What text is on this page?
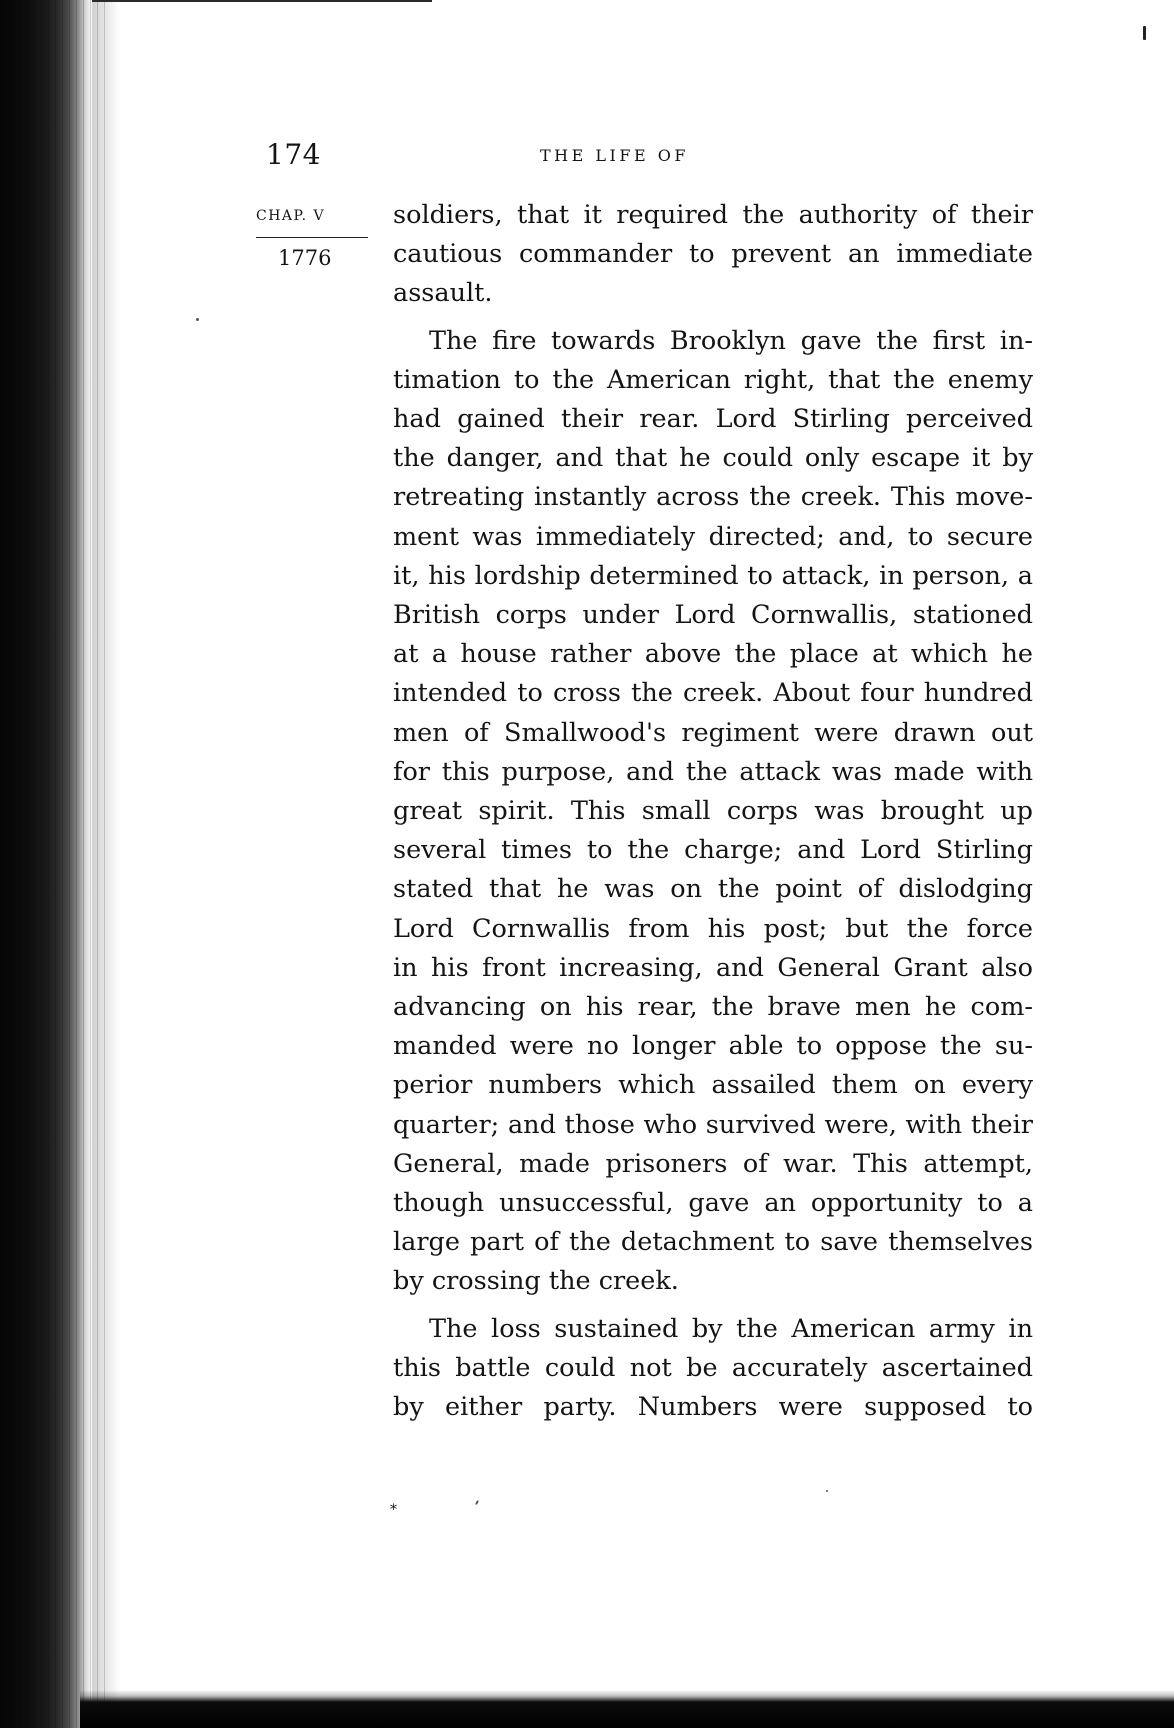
174	THE LIFE OF
CHAP. V
1776
soldiers, that it required the authority of their
cautious commander to prevent an immediate
assault.
The fire towards Brooklyn gave the first in-
timation to the American right, that the enemy
had gained their rear. Lord Stirling perceived
the danger, and that he could only escape it by
retreating instantly across the creek. This move-
ment was immediately directed; and, to secure
it, his lordship determined to attack, in person, a
British corps under Lord Cornwallis, stationed
at a house rather above the place at which he
intended to cross the creek. About four hundred
men of Smallwood's regiment were drawn out
for this purpose, and the attack was made with
great spirit. This small corps was brought up
several times to the charge; and Lord Stirling
stated that he was on the point of dislodging
Lord Cornwallis from his post; but the force
in his front increasing, and General Grant also
advancing on his rear, the brave men he com-
manded were no longer able to oppose the su-
perior numbers which assailed them on every
quarter; and those who survived were, with their
General, made prisoners of war. This attempt,
though unsuccessful, gave an opportunity to a
large part of the detachment to save themselves
by crossing the creek.
The loss sustained by the American army in
this battle could not be accurately ascertained
by either party. Numbers were supposed to
*
